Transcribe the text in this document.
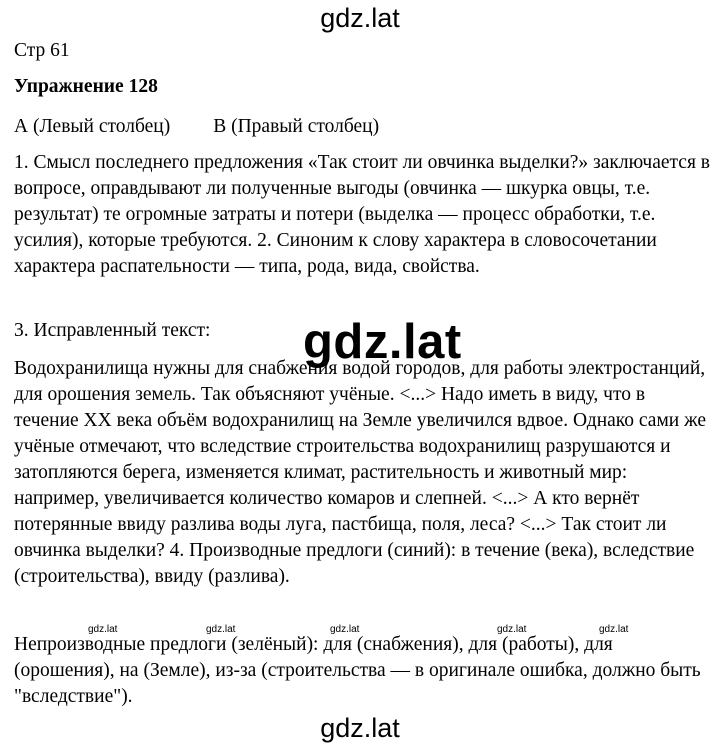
gdz.lat
Стр 61
Упражнение 128
А (Левый столбец) В (Правый столбец)

1. Смысл последнего предложения «Так стоит ли овчинка выделки?» заключается в вопросе, оправдывают ли полученные выгоды (овчинка — шкурка овцы, т.е. результат) те огромные затраты и потери (выделка — процесс обработки, т.е. усилия), которые требуются. 2. Синоним к слову характера в словосочетании характера распательности — типа, рода, вида, свойства.

3. Исправленный текст:	gdz.lat

Водохранилища нужны для снабжения водой городов, для работы электростанций, для орошения земель. Так объясняют учёные. <...> Надо иметь в виду, что в течение XX века объём водохранилищ на Земле увеличился вдвое. Однако сами же учёные отмечают, что вследствие строительства водохранилищ разрушаются и затопляются берега, изменяется климат, растительность и животный мир: например, увеличивается количество комаров и слепней. <...> А кто вернёт потерянные ввиду разлива воды луга, пастбища, поля, леса? <...> Так стоит ли овчинка выделки? 4. Производные предлоги (синий): в течение (века), вследствие (строительства), ввиду (разлива).

gdz.lat	gdz.lat	gdz.lat	gdz.lat	gdz.lat

Непроизводные предлоги (зелёный): для (снабжения), для (работы), для (орошения), на (Земле), из-за (строительства — в оригинале ошибка, должно быть "вследствие").

gdz.lat
